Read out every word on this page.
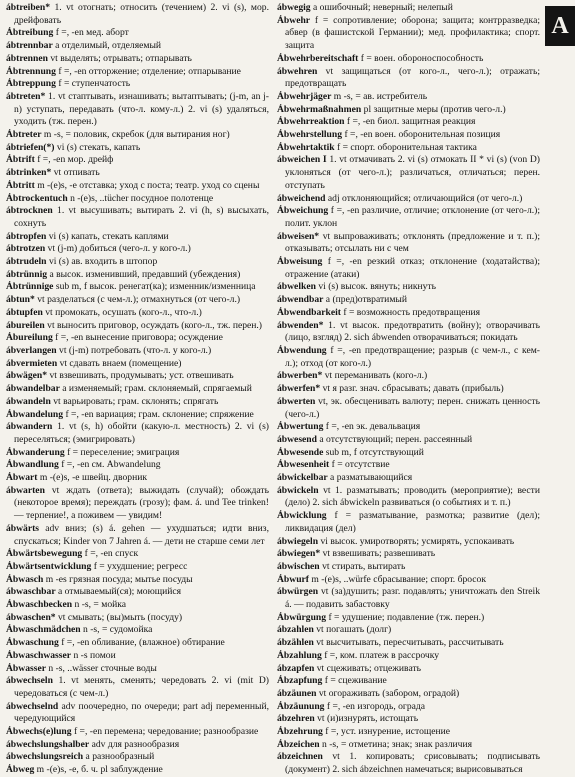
ábtreiben* 1. vt отогнать; относить (течением) 2. vi (s), мор. дрейфовать
Ábtreibung f =, -en мед. аборт
ábtrennbar a отделимый, отделяемый
ábtrennen vt выделять; отрывать; отпарывать
Ábtrennung f =, -en отторжение; отделение; отпарывание
Ábtreppung f = ступенчатость
ábtreten* 1. vt стаптывать, изнашивать; вытаптывать; (j-m, an j-n) уступать, передавать (что-л. кому-л.) 2. vi (s) удаляться, уходить (тж. перен.)
Ábtreter m -s, = половик, скребок (для вытирания ног)
ábtriefen(*) vi (s) стекать, капать
Ábtrift f =, -en мор. дрейф
ábtrinken* vt отпивать
Ábtritt m -(e)s, -e отставка; уход с поста; театр. уход со сцены
Ábtrockentuch n -(e)s, ..tücher посудное полотенце
ábtrocknen 1. vt высушивать; вытирать 2. vi (h, s) высыхать, сохнуть
ábtropfen vi (s) капать, стекать каплями
ábtrotzen vt (j-m) добиться (чего-л. у кого-л.)
ábtrudeln vi (s) ав. входить в штопор
ábtrünnig a высок. изменивший, предавший (убеждения)
Ábtrünnige sub m, f высок. ренегат(ка); изменник/изменница
ábtun* vt разделаться (с чем-л.); отмахнуться (от чего-л.)
ábtupfen vt промокать, осушать (кого-л., что-л.)
ábureilen vt выносить приговор, осуждать (кого-л., тж. перен.)
Ábureilung f =, -en вынесение приговора; осуждение
ábverlangen vt (j-m) потребовать (что-л. у кого-л.)
ábvermieten vt сдавать внаем (помещение)
ábwägen* vt взвешивать, продумывать; уст. отвешивать
ábwandelbar a изменяемый; грам. склоняемый, спрягаемый
ábwandeln vt варьировать; грам. склонять; спрягать
Ábwandelung f =, -en вариация; грам. склонение; спряжение
ábwandern 1. vt (s, h) обойти (какую-л. местность) 2. vi (s) переселяться; (эмигрировать)
Ábwanderung f = переселение; эмиграция
Ábwandlung f =, -en см. Abwandelung
Ábwart m -(e)s, -e швейц. дворник
ábwarten vt ждать (ответа); выжидать (случай); обождать (некоторое время); переждать (грозу); фам. á. und Tee trinken! — терпение!, а поживем — увидим!
ábwärts adv вниз; (s) á. gehen — ухудшаться; идти вниз, спускаться; Kinder von 7 Jahren á. — дети не старше семи лет
Ábwärtsbewegung f =, -en спуск
Ábwärtsentwicklung f = ухудшение; регресс
Ábwasch m -es грязная посуда; мытье посуды
ábwaschbar a отмываемый(ся); моющийся
Ábwaschbecken n -s, = мойка
ábwaschen* vt смывать; (вы)мыть (посуду)
Ábwaschmädchen n -s, = судомойка
Ábwaschung f =, -en обливание, (влажное) обтирание
Ábwaschwasser n -s помои
Ábwasser n -s, ..wässer сточные воды
ábwechseln 1. vt менять, сменять; чередовать 2. vi (mit D) чередоваться (с чем-л.)
ábwechselnd adv поочередно, по очереди; part adj переменный, чередующийся
Ábwechs(e)lung f =, -en перемена; чередование; разнообразие
ábwechslungshalber adv для разнообразия
ábwechslungsreich a разнообразный
Ábweg m -(e)s, -e, б. ч. pl заблуждение
ábwegig a ошибочный; неверный; нелепый
Ábwehr f = сопротивление; оборона; защита; контрразведка; абвер (в фашистской Германии); мед. профилактика; спорт. защита
Ábwehrbereitschaft f = воен. обороноспособность
ábwehren vt защищаться (от кого-л., чего-л.); отражать; предотвращать
Ábwehrjäger m -s, = ав. истребитель
Ábwehrmaßnahmen pl защитные меры (против чего-л.)
Ábwehrreaktion f =, -en биол. защитная реакция
Ábwehrstellung f =, -en воен. оборонительная позиция
Ábwehrtaktik f = спорт. оборонительная тактика
ábweichen I 1. vt отмачивать 2. vi (s) отмокать II * vi (s) (von D) уклоняться (от чего-л.); различаться, отличаться; перен. отступать
ábweichend adj отклоняющийся; отличающийся (от чего-л.)
Ábweichung f =, -en различие, отличие; отклонение (от чего-л.); полит. уклон
ábweisen* vt выпроваживать; отклонять (предложение и т. п.); отказывать; отсылать ни с чем
Ábweisung f =, -en резкий отказ; отклонение (ходатайства); отражение (атаки)
ábwelken vi (s) высок. вянуть; никнуть
ábwendbar a (пред)отвратимый
Ábwendbarkeit f = возможность предотвращения
ábwenden* 1. vt высок. предотвратить (войну); отворачивать (лицо, взгляд) 2. sich ábwenden отворачиваться; покидать
Ábwendung f =, -en предотвращение; разрыв (с чем-л., с кем-л.); отход (от кого-л.)
ábwerben* vt переманивать (кого-л.)
ábwerfen* vt я разг. знач. сбрасывать; давать (прибыль)
ábwerten vt, эк. обесценивать валюту; перен. снижать ценность (чего-л.)
Ábwertung f =, -en эк. девальвация
ábwesend a отсутствующий; перен. рассеянный
Ábwesende sub m, f отсутствующий
Ábwesenheit f = отсутствие
ábwickelbar a разматывающийся
ábwickeln vt 1. разматывать; проводить (мероприятие); вести (дело) 2. sich ábwickeln развиваться (о событиях и т. п.)
Ábwicklung f = разматывание, размотка; развитие (дел); ликвидация (дел)
ábwiegeln vi высок. умиротворять; усмирять, успокаивать
ábwiegen* vt взвешивать; развешивать
ábwischen vt стирать, вытирать
Ábwurf m -(e)s, ..würfe сбрасывание; спорт. бросок
ábwürgen vt (за)душить; разг. подавлять; уничтожать den Streik á. — подавить забастовку
Ábwürgung f = удушение; подавление (тж. перен.)
ábzahlen vt погашать (долг)
ábzählen vt высчитывать, пересчитывать, рассчитывать
Ábzahlung f =, ком. платеж в рассрочку
ábzapfen vt сцеживать; отцеживать
Ábzapfung f = сцеживание
ábzäunen vt огораживать (забором, оградой)
Ábzäunung f =, -en изгородь, ограда
ábzehren vt (и)изнурять, истощать
Ábzehrung f =, уст. изнурение, истощение
Ábzeichen n -s, = отметина; знак; знак различия
ábzeichnen vt 1. копировать; срисовывать; подписывать (документ) 2. sich ábzeichnen намечаться; вырисовываться
A
